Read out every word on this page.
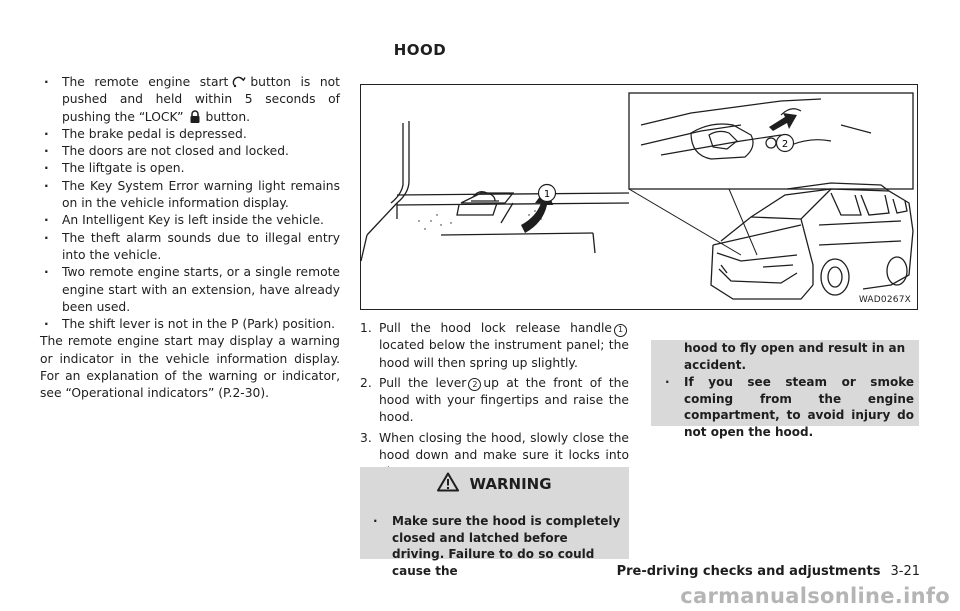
HOOD
. The remote engine start button is not pushed and held within 5 seconds of pushing the “LOCK” button.
. The brake pedal is depressed.
. The doors are not closed and locked.
. The liftgate is open.
. The Key System Error warning light remains on in the vehicle information display.
. An Intelligent Key is left inside the vehicle.
. The theft alarm sounds due to illegal entry into the vehicle.
. Two remote engine starts, or a single remote engine start with an extension, have already been used.
. The shift lever is not in the P (Park) position.

The remote engine start may display a warning or indicator in the vehicle information display. For an explanation of the warning or indicator, see “Operational indicators” (P.2-30).

1
2
WAD0267X
1. Pull the hood lock release handle 1located below the instrument panel; the hood will then spring up slightly.
2. Pull the lever 2 up at the front of the hood with your fingertips and raise the hood.
3. When closing the hood, slowly close the hood down and make sure it locks into
WARNING
. Make sure the hood is completely closed and latched before driving. Failure to do so could cause the

hood to fly open and result in an accident.

. If you see steam or smoke coming from the engine compartment, to avoid injury do not open the hood.
Pre-driving checks and adjustments 3-21
carmanualsonline.info
